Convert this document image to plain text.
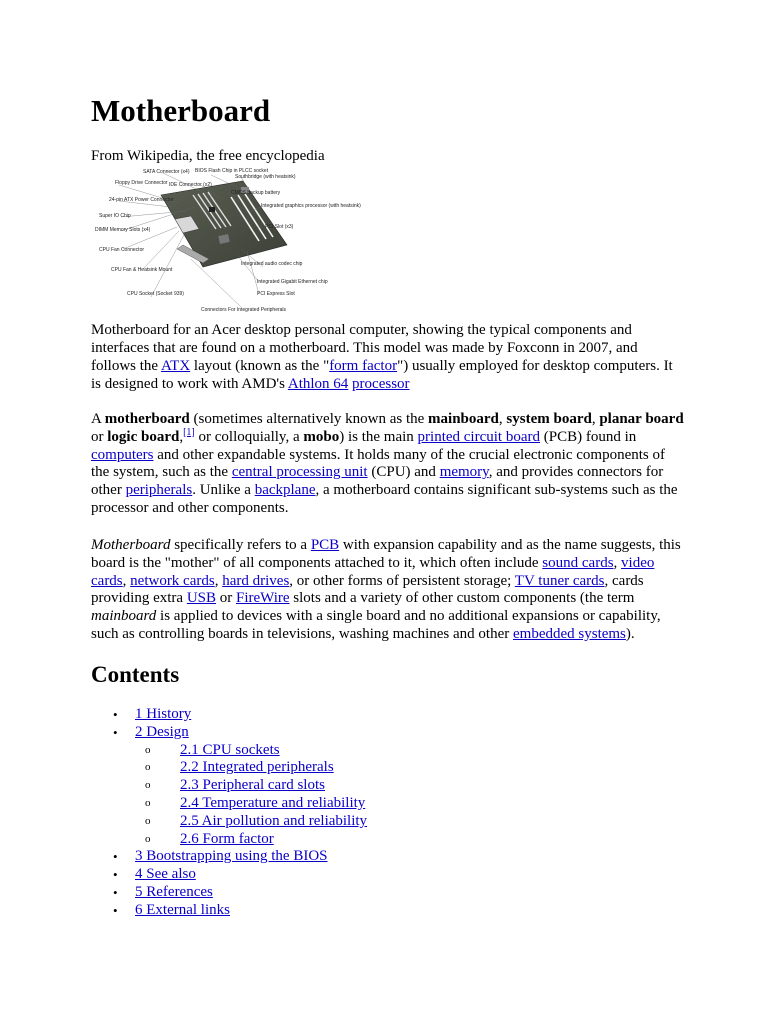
Motherboard

From Wikipedia, the free encyclopedia

SATA Connector (x4) BIOS Flash Chip in PLCC socket
Southbridge (with heatsink)
Floppy Drive Connector IDE Connector (x2)
CMOS backup battery
24-pin ATX Power Connector
Integrated graphics processor (with heatsink)
Super IO Chip
DIMM Memory Slots (x4)	PCI Slot (x3)
CPU Fan Connector
CPU Fan & Heatsink Mount
Integrated audio codec chip
Integrated Gigabit Ethernet chip
CPU Socket (Socket 939)	PCI Express Slot
Connectors For Integrated Peripherals

Motherboard for an Acer desktop personal computer, showing the typical components and interfaces that are found on a motherboard. This model was made by Foxconn in 2007, and follows the ATX layout (known as the "form factor") usually employed for desktop computers. It is designed to work with AMD's Athlon 64 processor

A motherboard (sometimes alternatively known as the mainboard, system board, planar board or logic board,[1] or colloquially, a mobo) is the main printed circuit board (PCB) found in computers and other expandable systems. It holds many of the crucial electronic components of the system, such as the central processing unit (CPU) and memory, and provides connectors for other peripherals. Unlike a backplane, a motherboard contains significant sub-systems such as the processor and other components.

Motherboard specifically refers to a PCB with expansion capability and as the name suggests, this board is the "mother" of all components attached to it, which often include sound cards, video cards, network cards, hard drives, or other forms of persistent storage; TV tuner cards, cards providing extra USB or FireWire slots and a variety of other custom components (the term mainboard is applied to devices with a single board and no additional expansions or capability, such as controlling boards in televisions, washing machines and other embedded systems).

Contents
• 1 History
• 2 Design
o 2.1 CPU sockets
o 2.2 Integrated peripherals
o 2.3 Peripheral card slots
o 2.4 Temperature and reliability
o 2.5 Air pollution and reliability
o 2.6 Form factor
• 3 Bootstrapping using the BIOS
• 4 See also
• 5 References
• 6 External links
